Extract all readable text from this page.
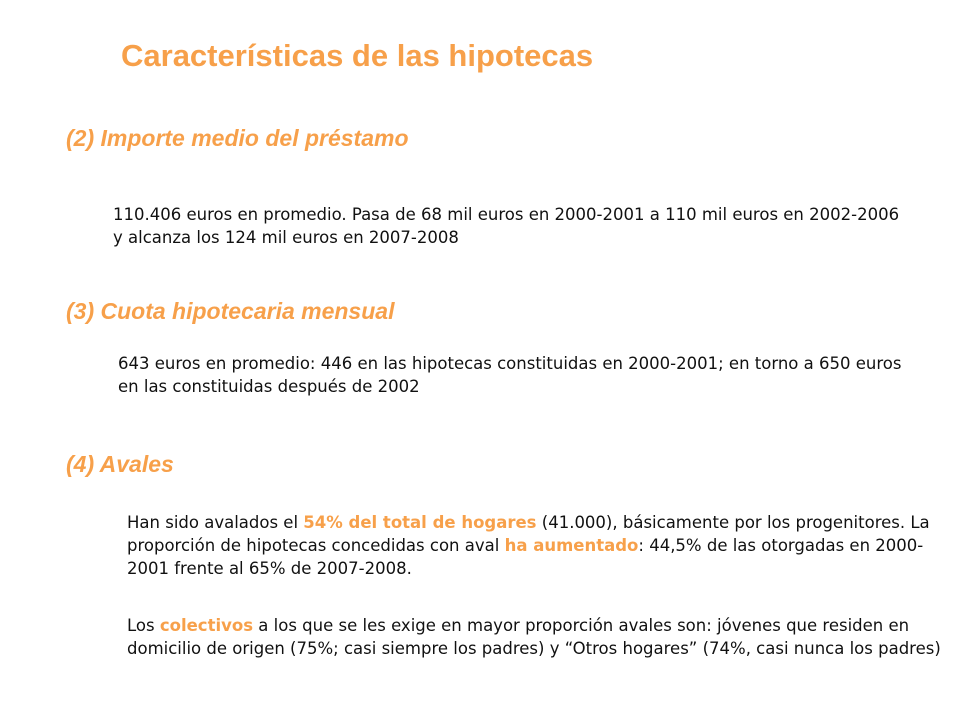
Características de las hipotecas
(2) Importe medio del préstamo

110.406 euros en promedio. Pasa de 68 mil euros en 2000-2001 a 110 mil euros en 2002-2006 y alcanza los 124 mil euros en 2007-2008

(3) Cuota hipotecaria mensual

643 euros en promedio: 446 en las hipotecas constituidas en 2000-2001; en torno a 650 euros en las constituidas después de 2002

(4) Avales

Han sido avalados el 54% del total de hogares (41.000), básicamente por los progenitores. La proporción de hipotecas concedidas con aval ha aumentado: 44,5% de las otorgadas en 2000-2001 frente al 65% de 2007-2008.

Los colectivos a los que se les exige en mayor proporción avales son: jóvenes que residen en domicilio de origen (75%; casi siempre los padres) y “Otros hogares” (74%, casi nunca los padres)
